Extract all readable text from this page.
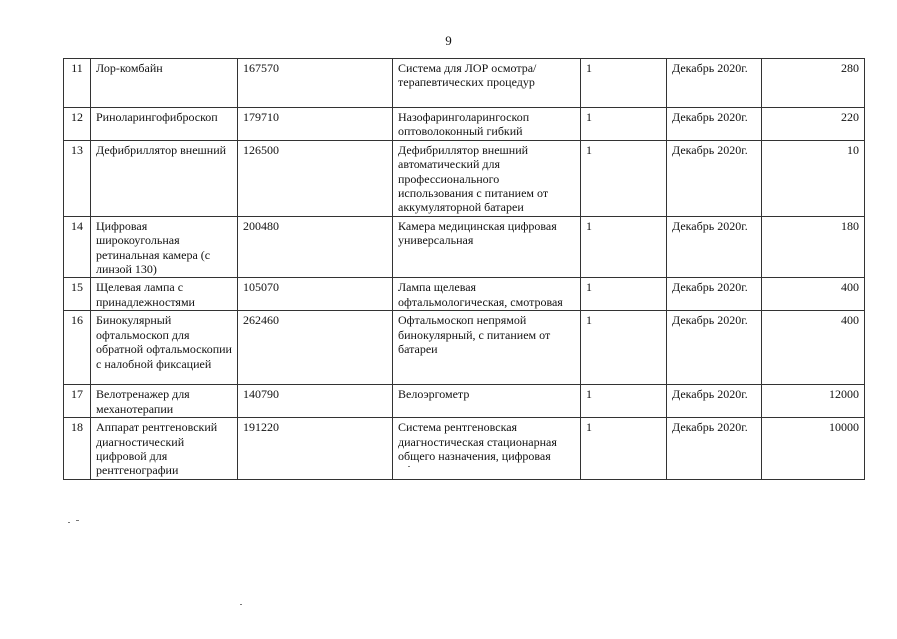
9
11	Лор-комбайн	167570	Система для ЛОР осмотра/терапевтических процедур	1	Декабрь 2020г.	280
12	Ринолaрингофиброскоп	179710	Назофаринголарингоскоп оптоволоконный гибкий	1	Декабрь 2020г.	220
13	Дефибриллятор внешний	126500	Дефибриллятор внешний автоматический для профессионального использования с питанием от аккумуляторной батареи	1	Декабрь 2020г.	10
14	Цифровая широкоугольная ретинальная камера (с линзой 130)	200480	Камера медицинская цифровая универсальная	1	Декабрь 2020г.	180
15	Щелевая лампа с принадлежностями	105070	Лампа щелевая офтальмологическая, смотровая	1	Декабрь 2020г.	400
16	Бинокулярный офтальмоскоп для обратной офтальмоскопии с налобной фиксацией	262460	Офтальмоскоп непрямой бинокулярный, с питанием от батареи	1	Декабрь 2020г.	400
17	Велотренажер для механотерапии	140790	Велоэргометр	1	Декабрь 2020г.	12000
18	Аппарат рентгеновский диагностический цифровой для рентгенографии	191220	Система рентгеновская диагностическая стационарная общего назначения, цифровая	1	Декабрь 2020г.	10000
